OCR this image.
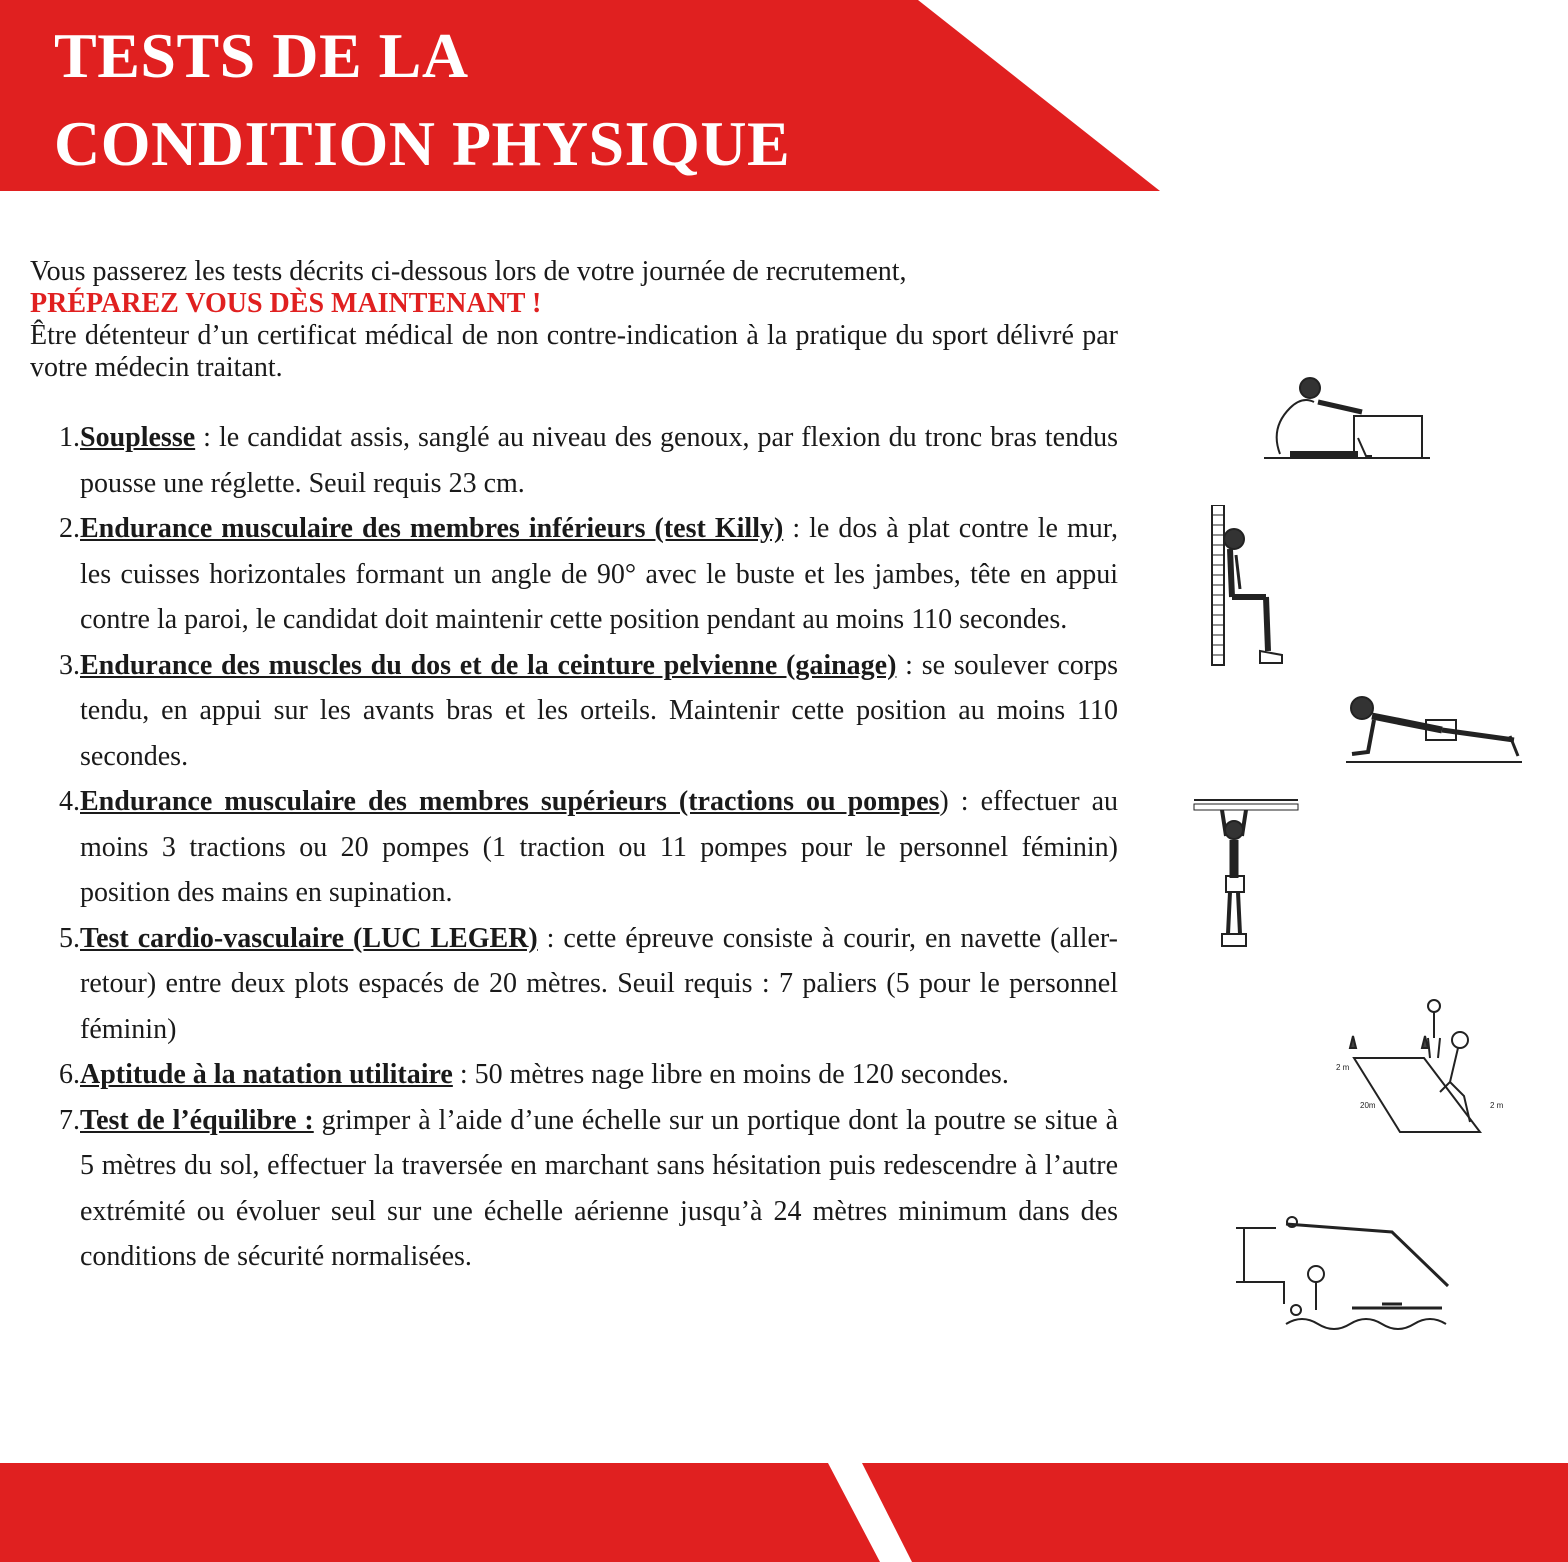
TESTS DE LA
CONDITION PHYSIQUE

Vous passerez les tests décrits ci-dessous lors de votre journée de recrutement,

PRÉPAREZ VOUS DÈS MAINTENANT !

Être détenteur d’un certificat médical de non contre-indication à la pratique du sport délivré par votre médecin traitant.

1. Souplesse : le candidat assis, sanglé au niveau des genoux, par flexion du tronc bras tendus pousse une réglette. Seuil requis 23 cm.
2. Endurance musculaire des membres inférieurs (test Killy) : le dos à plat contre le mur, les cuisses horizontales formant un angle de 90° avec le buste et les jambes, tête en appui contre la paroi, le candidat doit maintenir cette position pendant au moins 110 secondes.
3. Endurance des muscles du dos et de la ceinture pelvienne (gainage) : se soulever corps tendu, en appui sur les avants bras et les orteils. Maintenir cette position au moins 110 secondes.
4. Endurance musculaire des membres supérieurs (tractions ou pompes) : effectuer au moins 3 tractions ou 20 pompes (1 traction ou 11 pompes pour le personnel féminin) position des mains en supination.
5. Test cardio-vasculaire (LUC LEGER) : cette épreuve consiste à courir, en navette (aller-retour) entre deux plots espacés de 20 mètres. Seuil requis : 7 paliers (5 pour le personnel féminin)
6. Aptitude à la natation utilitaire : 50 mètres nage libre en moins de 120 secondes.
7. Test de l’équilibre : grimper à l’aide d’une échelle sur un portique dont la poutre se situe à 5 mètres du sol, effectuer la traversée en marchant sans hésitation puis redescendre à l’autre extrémité ou évoluer seul sur une échelle aérienne jusqu’à 24 mètres minimum dans des conditions de sécurité normalisées.
2 m
20m	2 m
